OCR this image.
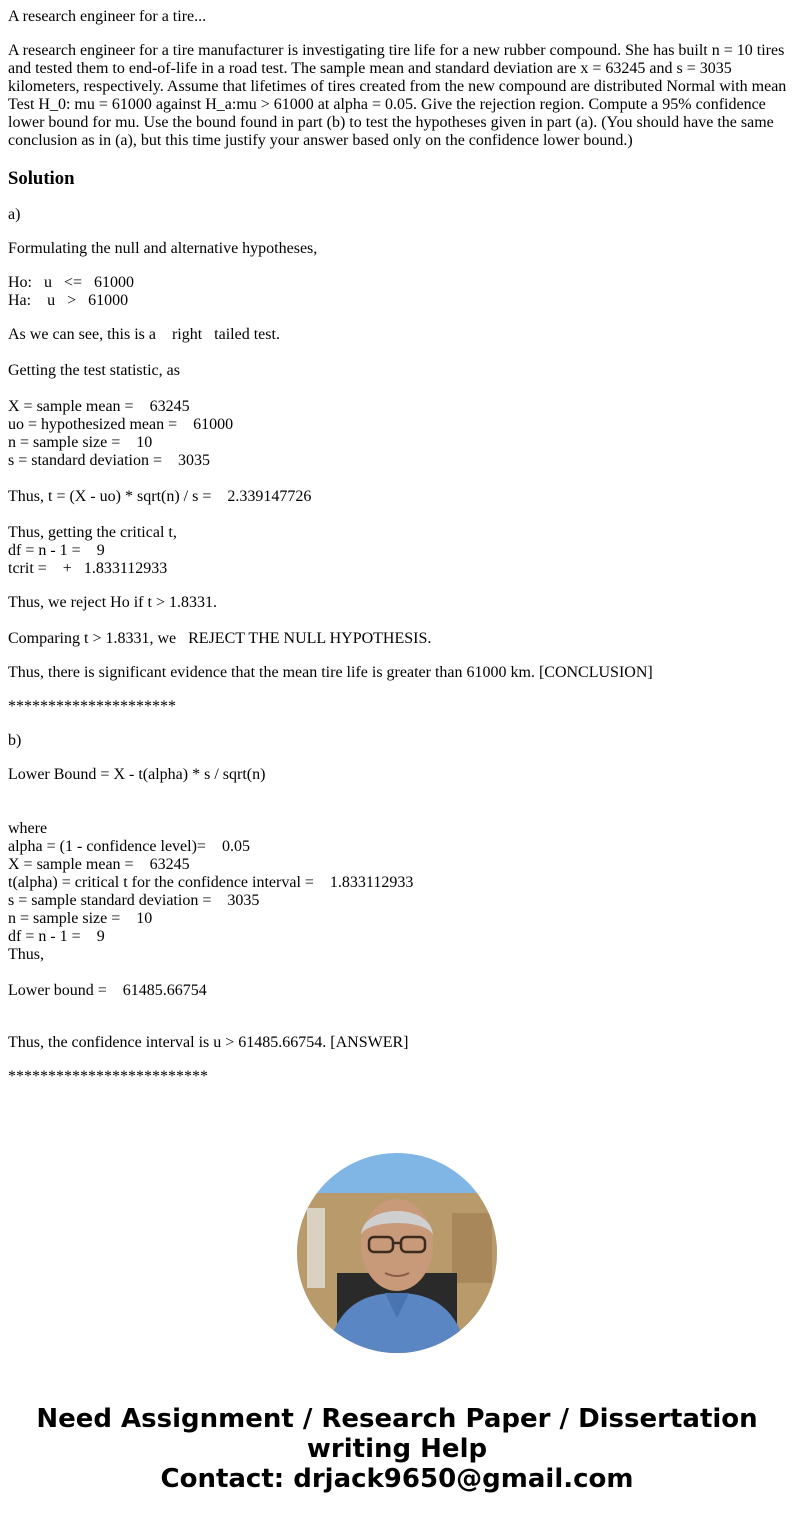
A research engineer for a tire...

A research engineer for a tire manufacturer is investigating tire life for a new rubber compound. She has built n = 10 tires and tested them to end-of-life in a road test. The sample mean and standard deviation are x = 63245 and s = 3035 kilometers, respectively. Assume that lifetimes of tires created from the new compound are distributed Normal with mean Test H_0: mu = 61000 against H_a:mu > 61000 at alpha = 0.05. Give the rejection region. Compute a 95% confidence lower bound for mu. Use the bound found in part (b) to test the hypotheses given in part (a). (You should have the same conclusion as in (a), but this time justify your answer based only on the confidence lower bound.)

Solution

a)

Formulating the null and alternative hypotheses,

Ho:   u   <=   61000
Ha:    u   >   61000

As we can see, this is a    right   tailed test.

Getting the test statistic, as

X = sample mean =    63245
uo = hypothesized mean =    61000
n = sample size =    10
s = standard deviation =    3035

Thus, t = (X - uo) * sqrt(n) / s =    2.339147726

Thus, getting the critical t,
df = n - 1 =    9
tcrit =    +   1.833112933

Thus, we reject Ho if t > 1.8331.

Comparing t > 1.8331, we   REJECT THE NULL HYPOTHESIS.

Thus, there is significant evidence that the mean tire life is greater than 61000 km. [CONCLUSION]

*********************

b)

Lower Bound = X - t(alpha) * s / sqrt(n)

where
alpha = (1 - confidence level)=    0.05
X = sample mean =    63245
t(alpha) = critical t for the confidence interval =    1.833112933
s = sample standard deviation =    3035
n = sample size =    10
df = n - 1 =    9
Thus,

Lower bound =    61485.66754

Thus, the confidence interval is u > 61485.66754. [ANSWER]

*************************

Need Assignment / Research Paper / Dissertation
writing Help
Contact: drjack9650@gmail.com
